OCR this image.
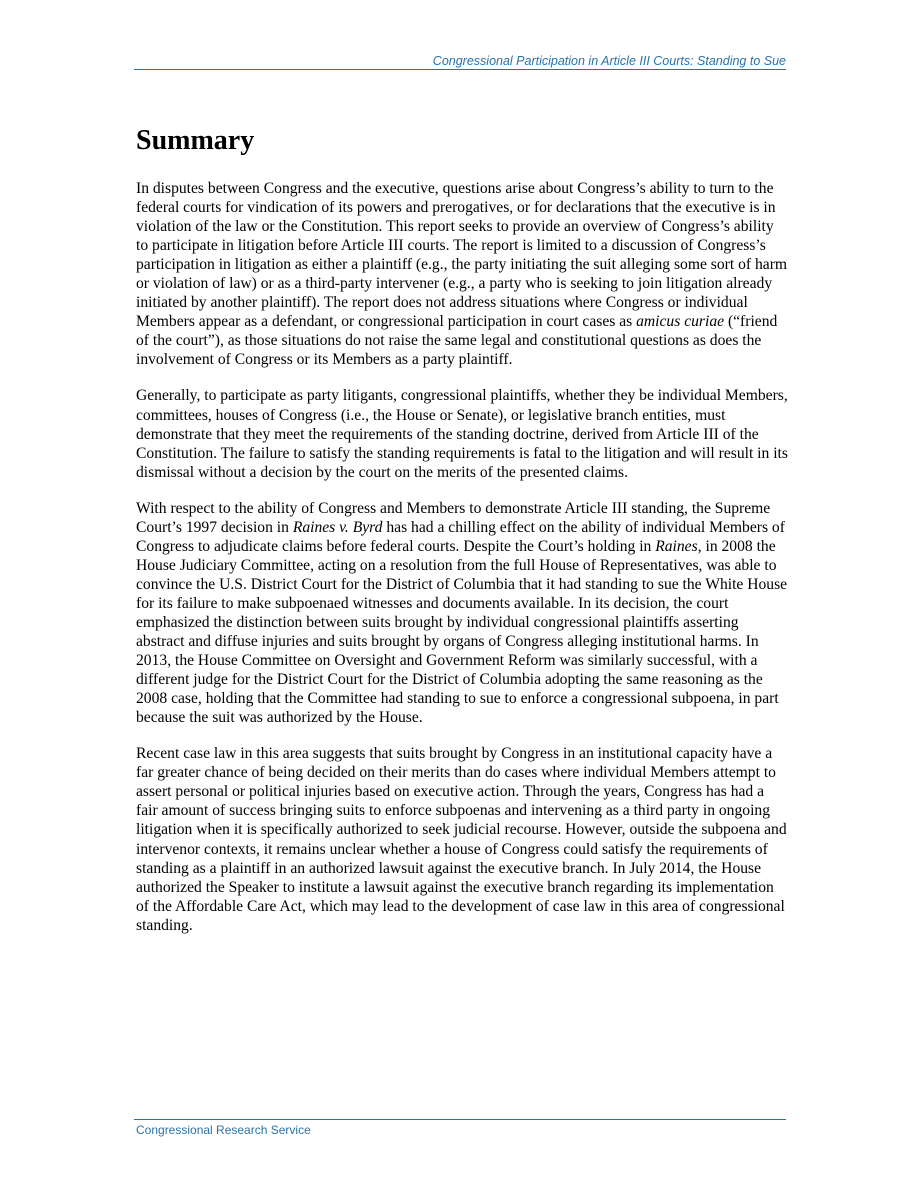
Congressional Participation in Article III Courts: Standing to Sue
Summary

In disputes between Congress and the executive, questions arise about Congress’s ability to turn to the federal courts for vindication of its powers and prerogatives, or for declarations that the executive is in violation of the law or the Constitution. This report seeks to provide an overview of Congress’s ability to participate in litigation before Article III courts. The report is limited to a discussion of Congress’s participation in litigation as either a plaintiff (e.g., the party initiating the suit alleging some sort of harm or violation of law) or as a third-party intervener (e.g., a party who is seeking to join litigation already initiated by another plaintiff). The report does not address situations where Congress or individual Members appear as a defendant, or congressional participation in court cases as amicus curiae (“friend of the court”), as those situations do not raise the same legal and constitutional questions as does the involvement of Congress or its Members as a party plaintiff.

Generally, to participate as party litigants, congressional plaintiffs, whether they be individual Members, committees, houses of Congress (i.e., the House or Senate), or legislative branch entities, must demonstrate that they meet the requirements of the standing doctrine, derived from Article III of the Constitution. The failure to satisfy the standing requirements is fatal to the litigation and will result in its dismissal without a decision by the court on the merits of the presented claims.

With respect to the ability of Congress and Members to demonstrate Article III standing, the Supreme Court’s 1997 decision in Raines v. Byrd has had a chilling effect on the ability of individual Members of Congress to adjudicate claims before federal courts. Despite the Court’s holding in Raines, in 2008 the House Judiciary Committee, acting on a resolution from the full House of Representatives, was able to convince the U.S. District Court for the District of Columbia that it had standing to sue the White House for its failure to make subpoenaed witnesses and documents available. In its decision, the court emphasized the distinction between suits brought by individual congressional plaintiffs asserting abstract and diffuse injuries and suits brought by organs of Congress alleging institutional harms. In 2013, the House Committee on Oversight and Government Reform was similarly successful, with a different judge for the District Court for the District of Columbia adopting the same reasoning as the 2008 case, holding that the Committee had standing to sue to enforce a congressional subpoena, in part because the suit was authorized by the House.

Recent case law in this area suggests that suits brought by Congress in an institutional capacity have a far greater chance of being decided on their merits than do cases where individual Members attempt to assert personal or political injuries based on executive action. Through the years, Congress has had a fair amount of success bringing suits to enforce subpoenas and intervening as a third party in ongoing litigation when it is specifically authorized to seek judicial recourse. However, outside the subpoena and intervenor contexts, it remains unclear whether a house of Congress could satisfy the requirements of standing as a plaintiff in an authorized lawsuit against the executive branch. In July 2014, the House authorized the Speaker to institute a lawsuit against the executive branch regarding its implementation of the Affordable Care Act, which may lead to the development of case law in this area of congressional standing.

Congressional Research Service
